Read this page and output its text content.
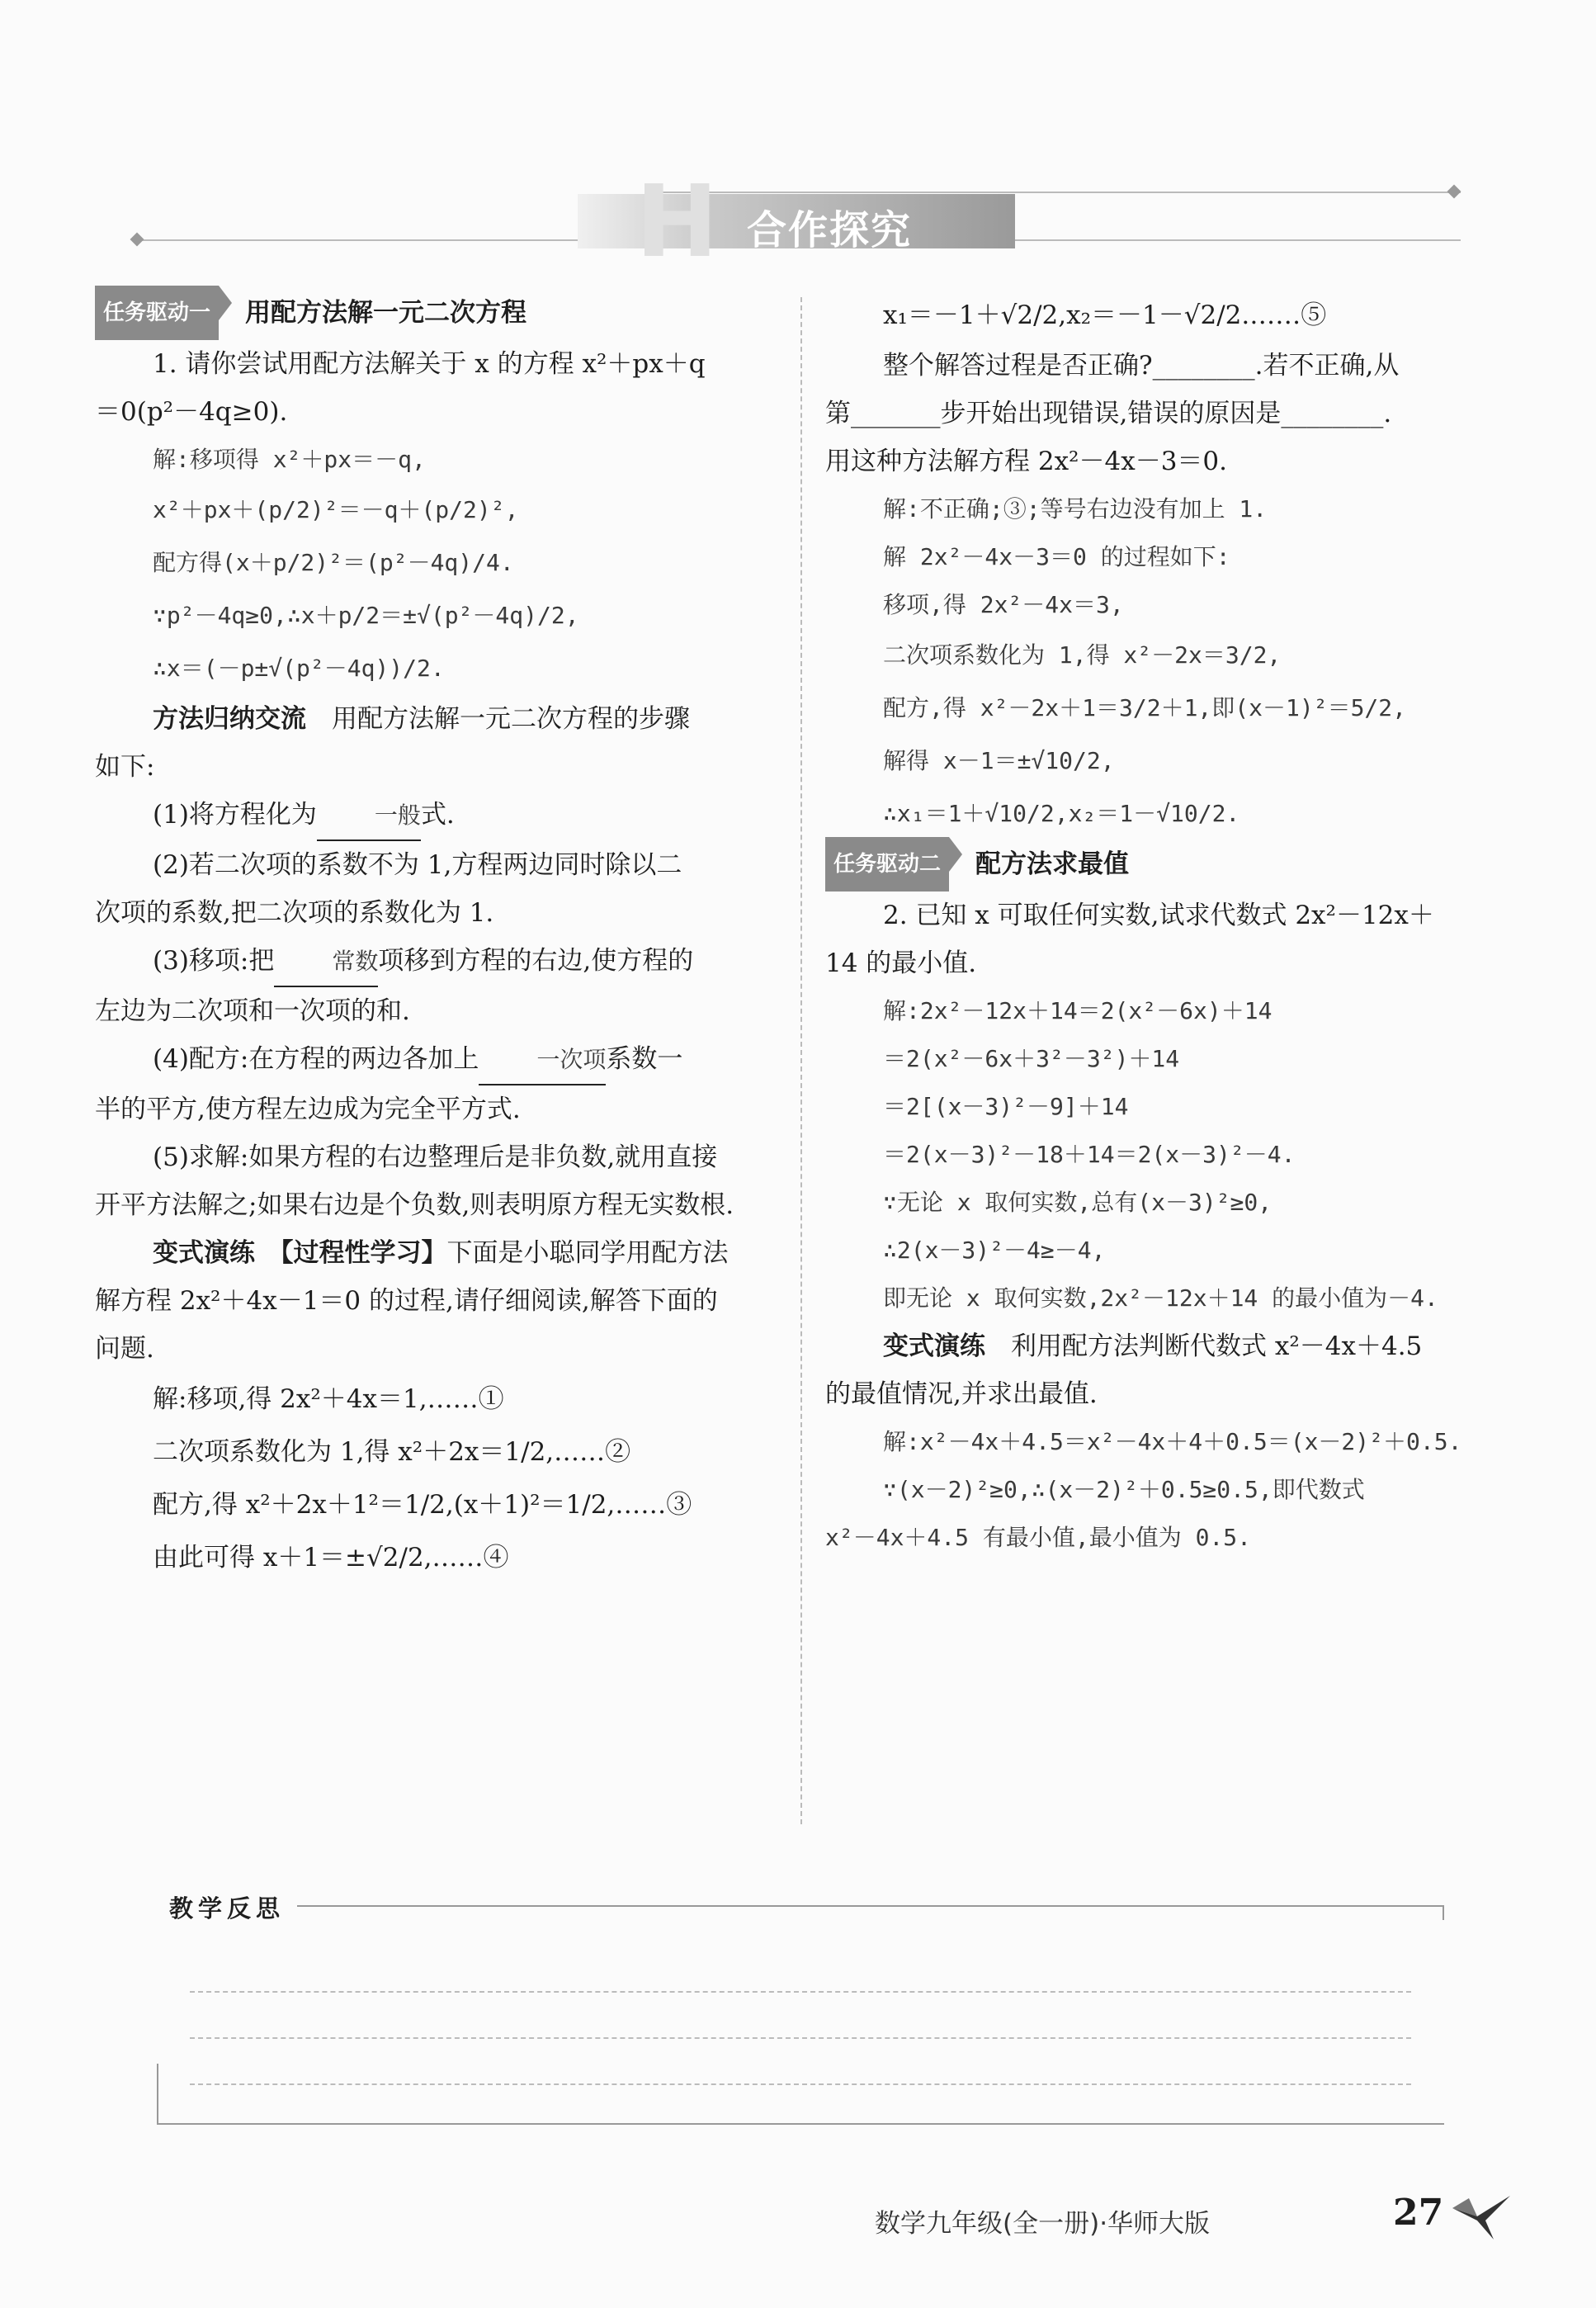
H 合作探究
任务驱动一	用配方法解一元二次方程

1. 请你尝试用配方法解关于 x 的方程 x²＋px＋q

＝0(p²－4q≥0).

解:移项得 x²＋px＝－q,

x²＋px＋(p/2)²＝－q＋(p/2)²,

配方得(x＋p/2)²＝(p²－4q)/4.

∵p²－4q≥0,∴x＋p/2＝±√(p²－4q)/2,

∴x＝(－p±√(p²－4q))/2.

方法归纳交流　 用配方法解一元二次方程的步骤

如下:

(1)将方程化为	一般式.

(2)若二次项的系数不为 1,方程两边同时除以二

次项的系数,把二次项的系数化为 1.

(3)移项:把	常数项移到方程的右边,使方程的

左边为二次项和一次项的和.

(4)配方:在方程的两边各加上	一次项系数一

半的平方,使方程左边成为完全平方式.

(5)求解:如果方程的右边整理后是非负数,就用直接

开平方法解之;如果右边是个负数,则表明原方程无实数根.

变式演练　 【过程性学习】下面是小聪同学用配方法

解方程 2x²＋4x－1＝0 的过程,请仔细阅读,解答下面的

问题.

解:移项,得 2x²＋4x＝1,……①

二次项系数化为 1,得 x²＋2x＝1/2,……②

配方,得 x²＋2x＋1²＝1/2,(x＋1)²＝1/2,……③

由此可得 x＋1＝±√2/2,……④

x₁＝－1＋√2/2,x₂＝－1－√2/2.……⑤

整个解答过程是否正确?________.若不正确,从

第_______步开始出现错误,错误的原因是________.

用这种方法解方程 2x²－4x－3＝0.

解:不正确;③;等号右边没有加上 1.

解 2x²－4x－3＝0 的过程如下:

移项,得 2x²－4x＝3,

二次项系数化为 1,得 x²－2x＝3/2,

配方,得 x²－2x＋1＝3/2＋1,即(x－1)²＝5/2,

解得 x－1＝±√10/2,

∴x₁＝1＋√10/2,x₂＝1－√10/2.

任务驱动二	配方法求最值

2. 已知 x 可取任何实数,试求代数式 2x²－12x＋

14 的最小值.

解:2x²－12x＋14＝2(x²－6x)＋14

＝2(x²－6x＋3²－3²)＋14

＝2[(x－3)²－9]＋14

＝2(x－3)²－18＋14＝2(x－3)²－4.

∵无论 x 取何实数,总有(x－3)²≥0,

∴2(x－3)²－4≥－4,

即无论 x 取何实数,2x²－12x＋14 的最小值为－4.

变式演练　 利用配方法判断代数式 x²－4x＋4.5

的最值情况,并求出最值.

解:x²－4x＋4.5＝x²－4x＋4＋0.5＝(x－2)²＋0.5.

∵(x－2)²≥0,∴(x－2)²＋0.5≥0.5,即代数式

x²－4x＋4.5 有最小值,最小值为 0.5.

教学反思
数学九年级(全一册)·华师大版	27
